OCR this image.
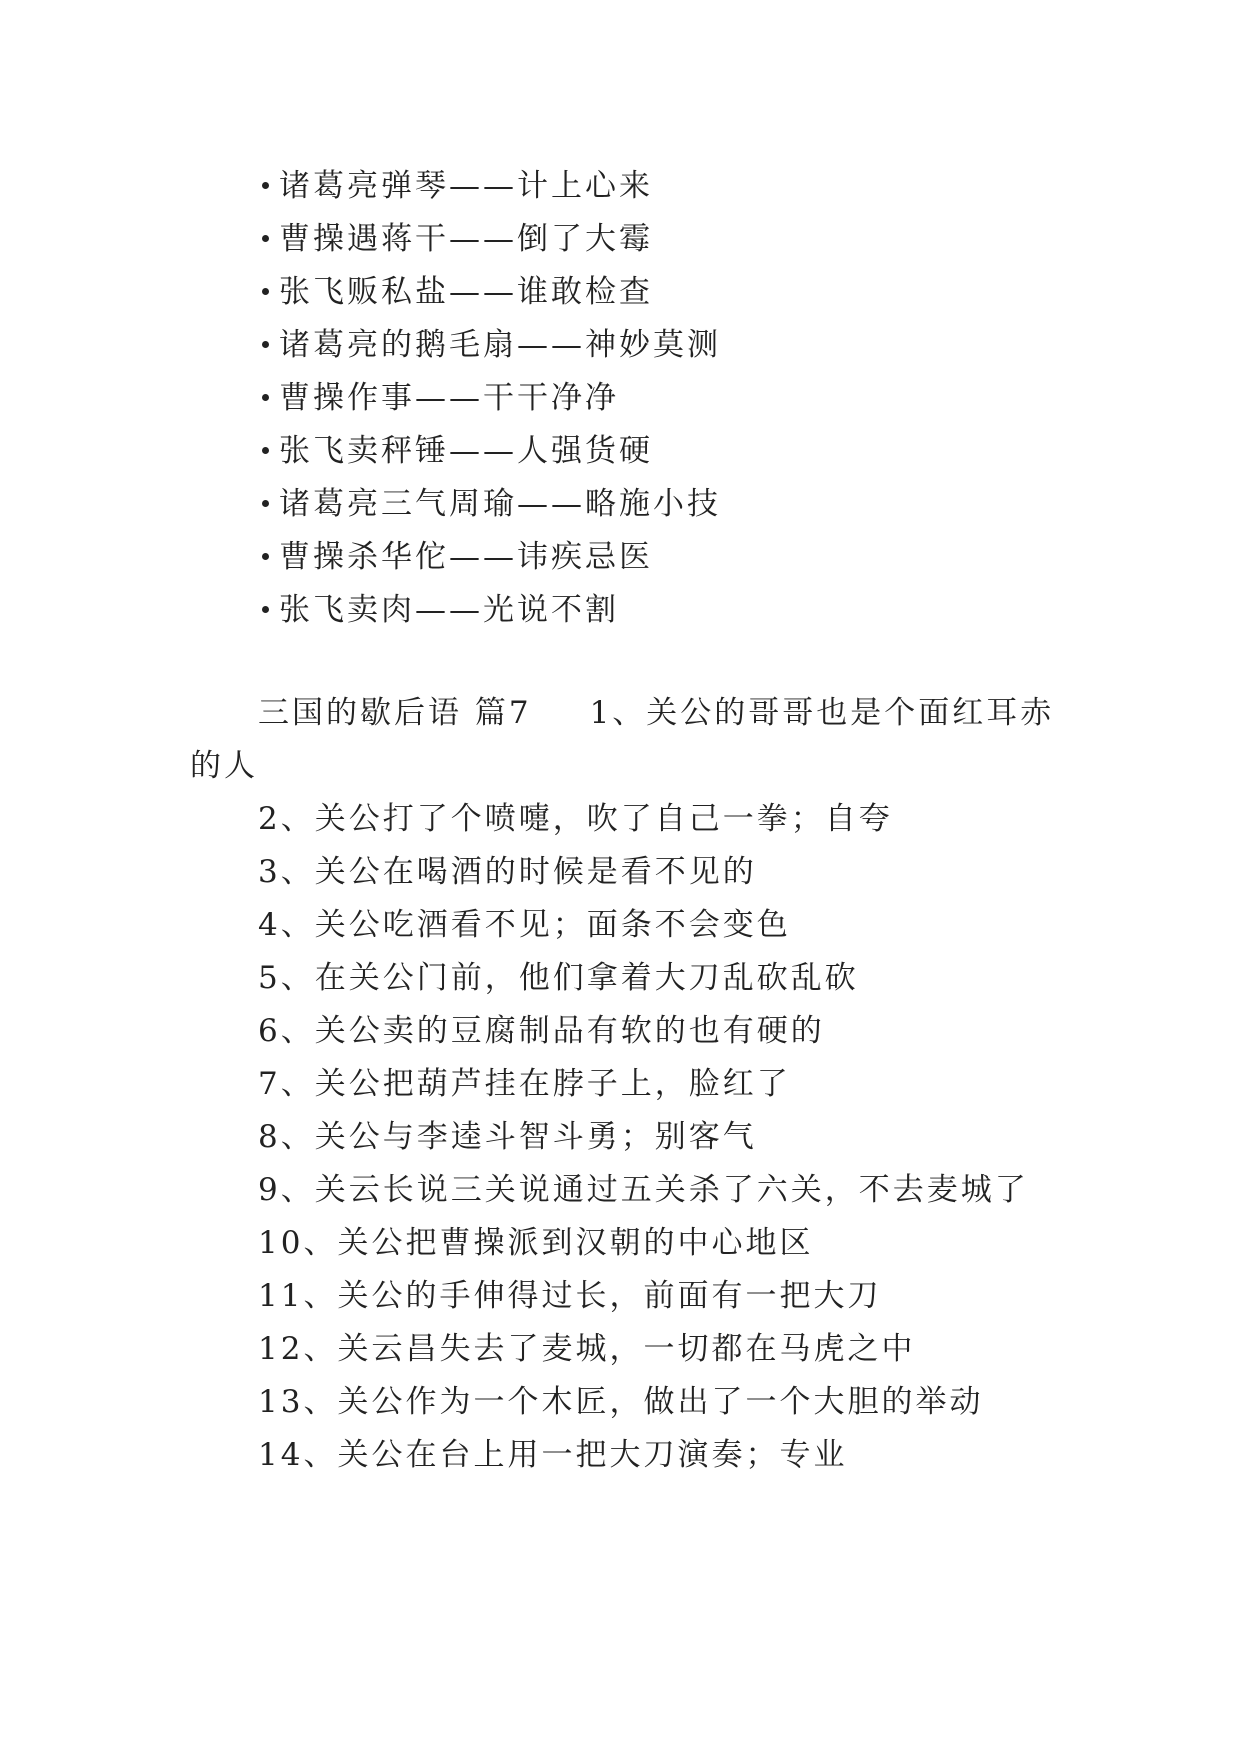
诸葛亮弹琴——计上心来
曹操遇蒋干——倒了大霉
张飞贩私盐——谁敢检查
诸葛亮的鹅毛扇——神妙莫测
曹操作事——干干净净
张飞卖秤锤——人强货硬
诸葛亮三气周瑜——略施小技
曹操杀华佗——讳疾忌医
张飞卖肉——光说不割
三国的歇后语 篇7 1、关公的哥哥也是个面红耳赤
的人
2、关公打了个喷嚏，吹了自己一拳；自夸
3、关公在喝酒的时候是看不见的
4、关公吃酒看不见；面条不会变色
5、在关公门前，他们拿着大刀乱砍乱砍
6、关公卖的豆腐制品有软的也有硬的
7、关公把葫芦挂在脖子上，脸红了
8、关公与李逵斗智斗勇；别客气
9、关云长说三关说通过五关杀了六关，不去麦城了
10、关公把曹操派到汉朝的中心地区
11、关公的手伸得过长，前面有一把大刀
12、关云昌失去了麦城，一切都在马虎之中
13、关公作为一个木匠，做出了一个大胆的举动
14、关公在台上用一把大刀演奏；专业
